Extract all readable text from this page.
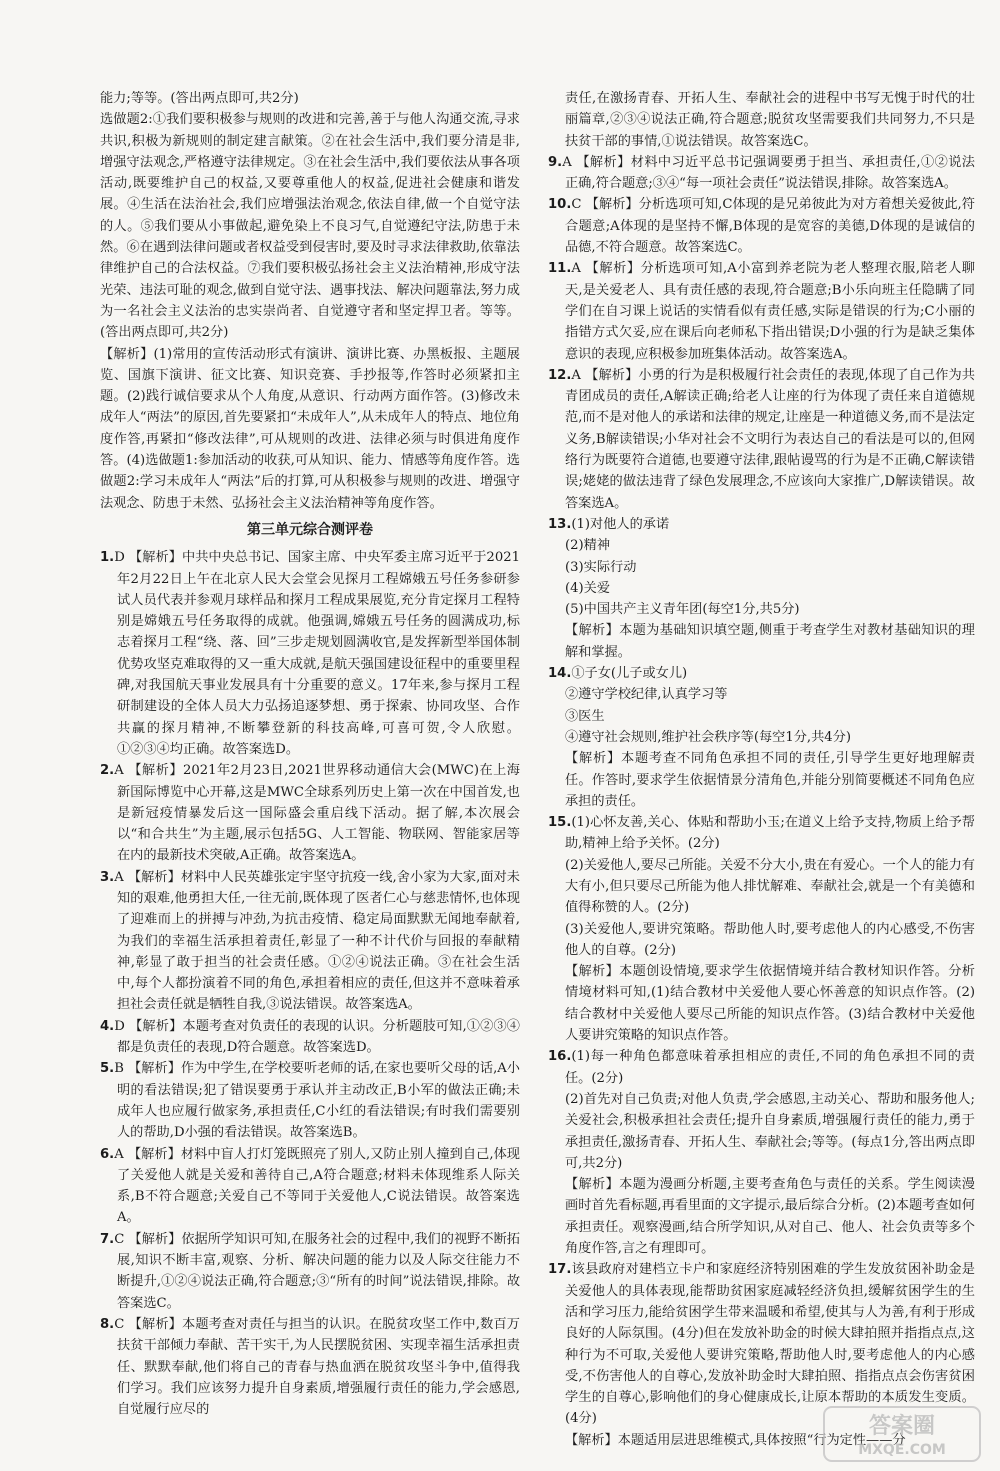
能力;等等。(答出两点即可,共2分)

选做题2:①我们要积极参与规则的改进和完善,善于与他人沟通交流,寻求共识,积极为新规则的制定建言献策。②在社会生活中,我们要分清是非,增强守法观念,严格遵守法律规定。③在社会生活中,我们要依法从事各项活动,既要维护自己的权益,又要尊重他人的权益,促进社会健康和谐发展。④生活在法治社会,我们应增强法治观念,依法自律,做一个自觉守法的人。⑤我们要从小事做起,避免染上不良习气,自觉遵纪守法,防患于未然。⑥在遇到法律问题或者权益受到侵害时,要及时寻求法律救助,依靠法律维护自己的合法权益。⑦我们要积极弘扬社会主义法治精神,形成守法光荣、违法可耻的观念,做到自觉守法、遇事找法、解决问题靠法,努力成为一名社会主义法治的忠实崇尚者、自觉遵守者和坚定捍卫者。等等。(答出两点即可,共2分)

【解析】(1)常用的宣传活动形式有演讲、演讲比赛、办黑板报、主题展览、国旗下演讲、征文比赛、知识竞赛、手抄报等,作答时必须紧扣主题。(2)践行诚信要求从个人角度,从意识、行动两方面作答。(3)修改未成年人“两法”的原因,首先要紧扣“未成年人”,从未成年人的特点、地位角度作答,再紧扣“修改法律”,可从规则的改进、法律必须与时俱进角度作答。(4)选做题1:参加活动的收获,可从知识、能力、情感等角度作答。选做题2:学习未成年人“两法”后的打算,可从积极参与规则的改进、增强守法观念、防患于未然、弘扬社会主义法治精神等角度作答。

第三单元综合测评卷

1.D 【解析】中共中央总书记、国家主席、中央军委主席习近平于2021年2月22日上午在北京人民大会堂会见探月工程嫦娥五号任务参研参试人员代表并参观月球样品和探月工程成果展览,充分肯定探月工程特别是嫦娥五号任务取得的成就。他强调,嫦娥五号任务的圆满成功,标志着探月工程“绕、落、回”三步走规划圆满收官,是发挥新型举国体制优势攻坚克难取得的又一重大成就,是航天强国建设征程中的重要里程碑,对我国航天事业发展具有十分重要的意义。17年来,参与探月工程研制建设的全体人员大力弘扬追逐梦想、勇于探索、协同攻坚、合作共赢的探月精神,不断攀登新的科技高峰,可喜可贺,令人欣慰。①②③④均正确。故答案选D。

2.A 【解析】2021年2月23日,2021世界移动通信大会(MWC)在上海新国际博览中心开幕,这是MWC全球系列历史上第一次在中国首发,也是新冠疫情暴发后这一国际盛会重启线下活动。据了解,本次展会以“和合共生”为主题,展示包括5G、人工智能、物联网、智能家居等在内的最新技术突破,A正确。故答案选A。

3.A 【解析】材料中人民英雄张定宇坚守抗疫一线,舍小家为大家,面对未知的艰难,他勇担大任,一往无前,既体现了医者仁心与慈悲情怀,也体现了迎难而上的拼搏与冲劲,为抗击疫情、稳定局面默默无闻地奉献着,为我们的幸福生活承担着责任,彰显了一种不计代价与回报的奉献精神,彰显了敢于担当的社会责任感。①②④说法正确。③在社会生活中,每个人都扮演着不同的角色,承担着相应的责任,但这并不意味着承担社会责任就是牺牲自我,③说法错误。故答案选A。

4.D 【解析】本题考查对负责任的表现的认识。分析题肢可知,①②③④都是负责任的表现,D符合题意。故答案选D。

5.B 【解析】作为中学生,在学校要听老师的话,在家也要听父母的话,A小明的看法错误;犯了错误要勇于承认并主动改正,B小军的做法正确;未成年人也应履行做家务,承担责任,C小红的看法错误;有时我们需要别人的帮助,D小强的看法错误。故答案选B。

6.A 【解析】材料中盲人打灯笼既照亮了别人,又防止别人撞到自己,体现了关爱他人就是关爱和善待自己,A符合题意;材料未体现维系人际关系,B不符合题意;关爱自己不等同于关爱他人,C说法错误。故答案选A。

7.C 【解析】依据所学知识可知,在服务社会的过程中,我们的视野不断拓展,知识不断丰富,观察、分析、解决问题的能力以及人际交往能力不断提升,①②④说法正确,符合题意;③“所有的时间”说法错误,排除。故答案选C。

8.C 【解析】本题考查对责任与担当的认识。在脱贫攻坚工作中,数百万扶贫干部倾力奉献、苦干实干,为人民摆脱贫困、实现幸福生活承担责任、默默奉献,他们将自己的青春与热血洒在脱贫攻坚斗争中,值得我们学习。我们应该努力提升自身素质,增强履行责任的能力,学会感恩,自觉履行应尽的

责任,在激扬青春、开拓人生、奉献社会的进程中书写无愧于时代的壮丽篇章,②③④说法正确,符合题意;脱贫攻坚需要我们共同努力,不只是扶贫干部的事情,①说法错误。故答案选C。

9.A 【解析】材料中习近平总书记强调要勇于担当、承担责任,①②说法正确,符合题意;③④“每一项社会责任”说法错误,排除。故答案选A。

10.C 【解析】分析选项可知,C体现的是兄弟彼此为对方着想关爱彼此,符合题意;A体现的是坚持不懈,B体现的是宽容的美德,D体现的是诚信的品德,不符合题意。故答案选C。

11.A 【解析】分析选项可知,A小富到养老院为老人整理衣服,陪老人聊天,是关爱老人、具有责任感的表现,符合题意;B小乐向班主任隐瞒了同学们在自习课上说话的实情看似有责任感,实际是错误的行为;C小丽的指错方式欠妥,应在课后向老师私下指出错误;D小强的行为是缺乏集体意识的表现,应积极参加班集体活动。故答案选A。

12.A 【解析】小勇的行为是积极履行社会责任的表现,体现了自己作为共青团成员的责任,A解读正确;给老人让座的行为体现了责任来自道德规范,而不是对他人的承诺和法律的规定,让座是一种道德义务,而不是法定义务,B解读错误;小华对社会不文明行为表达自己的看法是可以的,但网络行为既要符合道德,也要遵守法律,跟帖谩骂的行为是不正确,C解读错误;姥姥的做法违背了绿色发展理念,不应该向大家推广,D解读错误。故答案选A。

13.(1)对他人的承诺

(2)精神

(3)实际行动

(4)关爱

(5)中国共产主义青年团(每空1分,共5分)

【解析】本题为基础知识填空题,侧重于考查学生对教材基础知识的理解和掌握。

14.①子女(儿子或女儿)

②遵守学校纪律,认真学习等

③医生

④遵守社会规则,维护社会秩序等(每空1分,共4分)

【解析】本题考查不同角色承担不同的责任,引导学生更好地理解责任。作答时,要求学生依据情景分清角色,并能分别简要概述不同角色应承担的责任。

15.(1)心怀友善,关心、体贴和帮助小玉;在道义上给予支持,物质上给予帮助,精神上给予关怀。(2分)

(2)关爱他人,要尽己所能。关爱不分大小,贵在有爱心。一个人的能力有大有小,但只要尽己所能为他人排忧解难、奉献社会,就是一个有美德和值得称赞的人。(2分)

(3)关爱他人,要讲究策略。帮助他人时,要考虑他人的内心感受,不伤害他人的自尊。(2分)

【解析】本题创设情境,要求学生依据情境并结合教材知识作答。分析情境材料可知,(1)结合教材中关爱他人要心怀善意的知识点作答。(2)结合教材中关爱他人要尽己所能的知识点作答。(3)结合教材中关爱他人要讲究策略的知识点作答。

16.(1)每一种角色都意味着承担相应的责任,不同的角色承担不同的责任。(2分)

(2)首先对自己负责;对他人负责,学会感恩,主动关心、帮助和服务他人;关爱社会,积极承担社会责任;提升自身素质,增强履行责任的能力,勇于承担责任,激扬青春、开拓人生、奉献社会;等等。(每点1分,答出两点即可,共2分)

【解析】本题为漫画分析题,主要考查角色与责任的关系。学生阅读漫画时首先看标题,再看里面的文字提示,最后综合分析。(2)本题考查如何承担责任。观察漫画,结合所学知识,从对自己、他人、社会负责等多个角度作答,言之有理即可。

17.该县政府对建档立卡户和家庭经济特别困难的学生发放贫困补助金是关爱他人的具体表现,能帮助贫困家庭减轻经济负担,缓解贫困学生的生活和学习压力,能给贫困学生带来温暖和希望,使其与人为善,有利于形成良好的人际氛围。(4分)但在发放补助金的时候大肆拍照并指指点点,这种行为不可取,关爱他人要讲究策略,帮助他人时,要考虑他人的内心感受,不伤害他人的自尊心,发放补助金时大肆拍照、指指点点会伤害贫困学生的自尊心,影响他们的身心健康成长,让原本帮助的本质发生变质。(4分)

【解析】本题适用层进思维模式,具体按照“行为定性——分

答案圈
MXQE.COM
